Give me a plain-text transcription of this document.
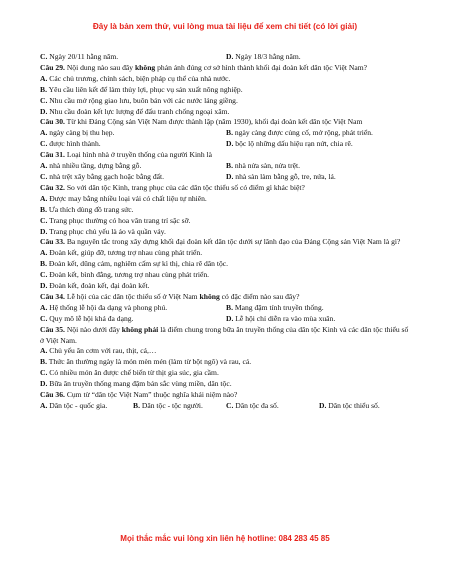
Đây là bản xem thử, vui lòng mua tài liệu để xem chi tiết (có lời giải)
C. Ngày 20/11 hằng năm.	D. Ngày 18/3 hằng năm.
Câu 29. Nội dung nào sau đây không phản ánh đúng cơ sở hình thành khối đại đoàn kết dân tộc Việt Nam?
A. Các chủ trương, chính sách, biện pháp cụ thể của nhà nước.
B. Yêu cầu liên kết để làm thủy lợi, phục vụ sản xuất nông nghiệp.
C. Nhu cầu mở rộng giao lưu, buôn bán với các nước láng giềng.
D. Nhu cầu đoàn kết lực lượng để đấu tranh chống ngoại xâm.
Câu 30. Từ khi Đảng Cộng sản Việt Nam được thành lập (năm 1930), khối đại đoàn kết dân tộc Việt Nam
A. ngày càng bị thu hẹp.	B. ngày càng được củng cố, mở rộng, phát triển.
C. được hình thành.	D. bộc lộ những dấu hiệu rạn nứt, chia rẽ.
Câu 31. Loại hình nhà ở truyền thống của người Kinh là
A. nhà nhiều tầng, dựng bằng gỗ.	B. nhà nửa sàn, nửa trệt.
C. nhà trệt xây bằng gạch hoặc bằng đất.	D. nhà sàn làm bằng gỗ, tre, nứa, lá.
Câu 32. So với dân tộc Kinh, trang phục của các dân tộc thiểu số có điểm gì khác biệt?
A. Được may bằng nhiều loại vải có chất liệu tự nhiên.
B. Ưa thích dùng đồ trang sức.
C. Trang phục thường có hoa văn trang trí sặc sỡ.
D. Trang phục chủ yếu là áo và quần váy.
Câu 33. Ba nguyên tắc trong xây dựng khối đại đoàn kết dân tộc dưới sự lãnh đạo của Đảng Cộng sản Việt Nam là gì?
A. Đoàn kết, giúp đỡ, tương trợ nhau cùng phát triển.
B. Đoàn kết, dũng cảm, nghiêm cấm sự kì thị, chia rẽ dân tộc.
C. Đoàn kết, bình đẳng, tương trợ nhau cùng phát triển.
D. Đoàn kết, đoàn kết, đại đoàn kết.
Câu 34. Lễ hội của các dân tộc thiểu số ở Việt Nam không có đặc điểm nào sau đây?
A. Hệ thống lễ hội đa dạng và phong phú.	B. Mang đậm tính truyền thống.
C. Quy mô lễ hội khá đa dạng.	D. Lễ hội chỉ diễn ra vào mùa xuân.
Câu 35. Nội nào dưới đây không phải là điểm chung trong bữa ăn truyền thống của dân tộc Kinh và các dân tộc thiểu số ở Việt Nam.
A. Chủ yếu ăn cơm với rau, thịt, cá,…
B. Thức ăn thường ngày là món mèn mén (làm từ bột ngô) và rau, cá.
C. Có nhiều món ăn được chế biến từ thịt gia súc, gia cầm.
D. Bữa ăn truyền thống mang đậm bản sắc vùng miền, dân tộc.
Câu 36. Cụm từ “dân tộc Việt Nam” thuộc nghĩa khái niệm nào?
A. Dân tộc - quốc gia.	B. Dân tộc - tộc người.	C. Dân tộc đa số.	D. Dân tộc thiểu số.
Mọi thắc mắc vui lòng xin liên hệ hotline: 084 283 45 85
